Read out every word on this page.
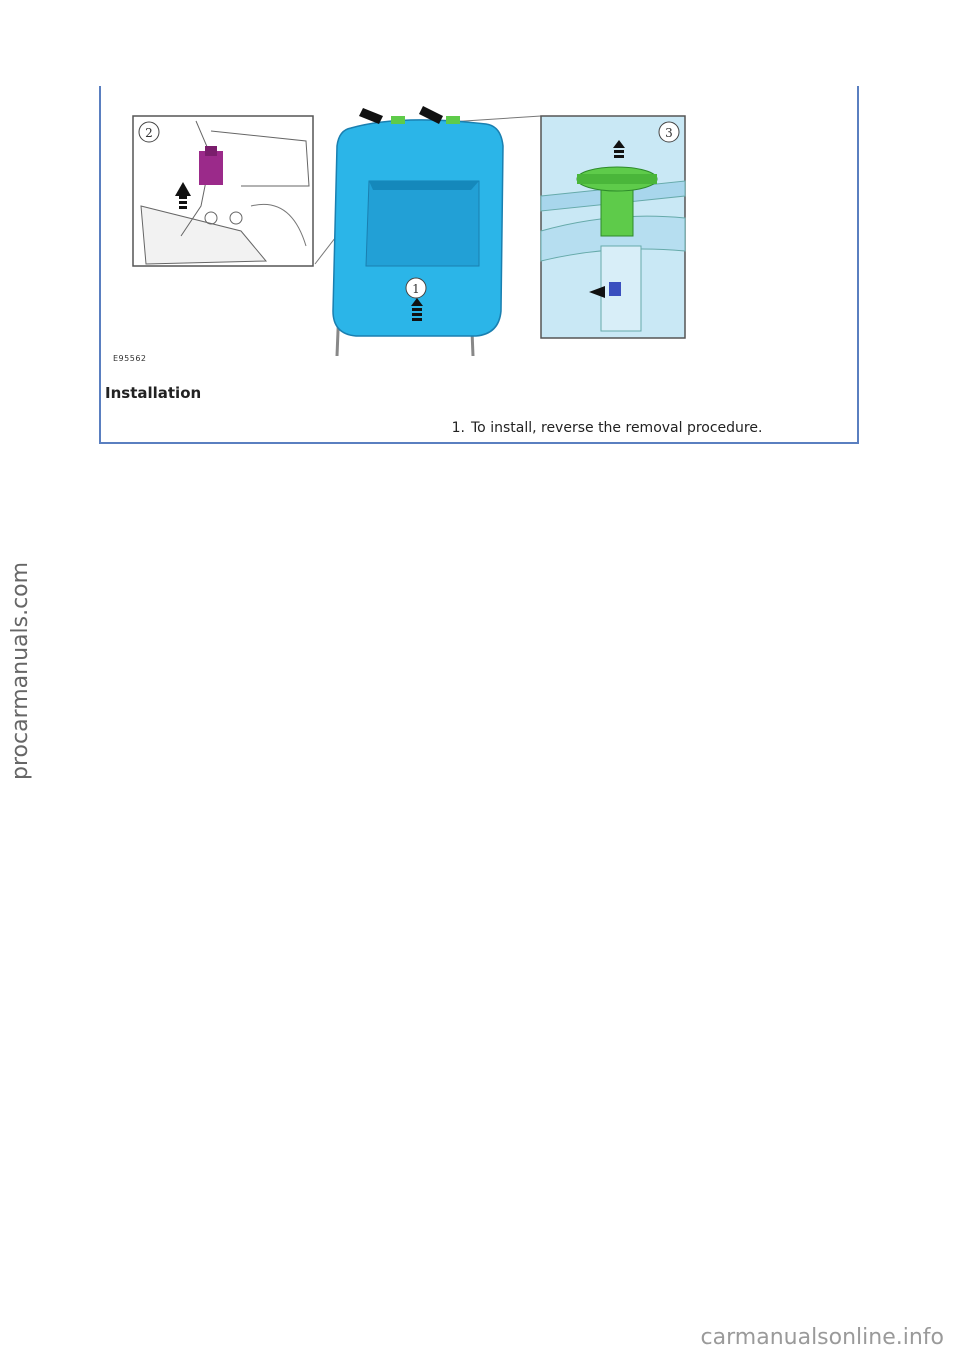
2
1
3
E95562
Installation
1. To install, reverse the removal procedure.
procarmanuals.com
carmanualsonline.info
